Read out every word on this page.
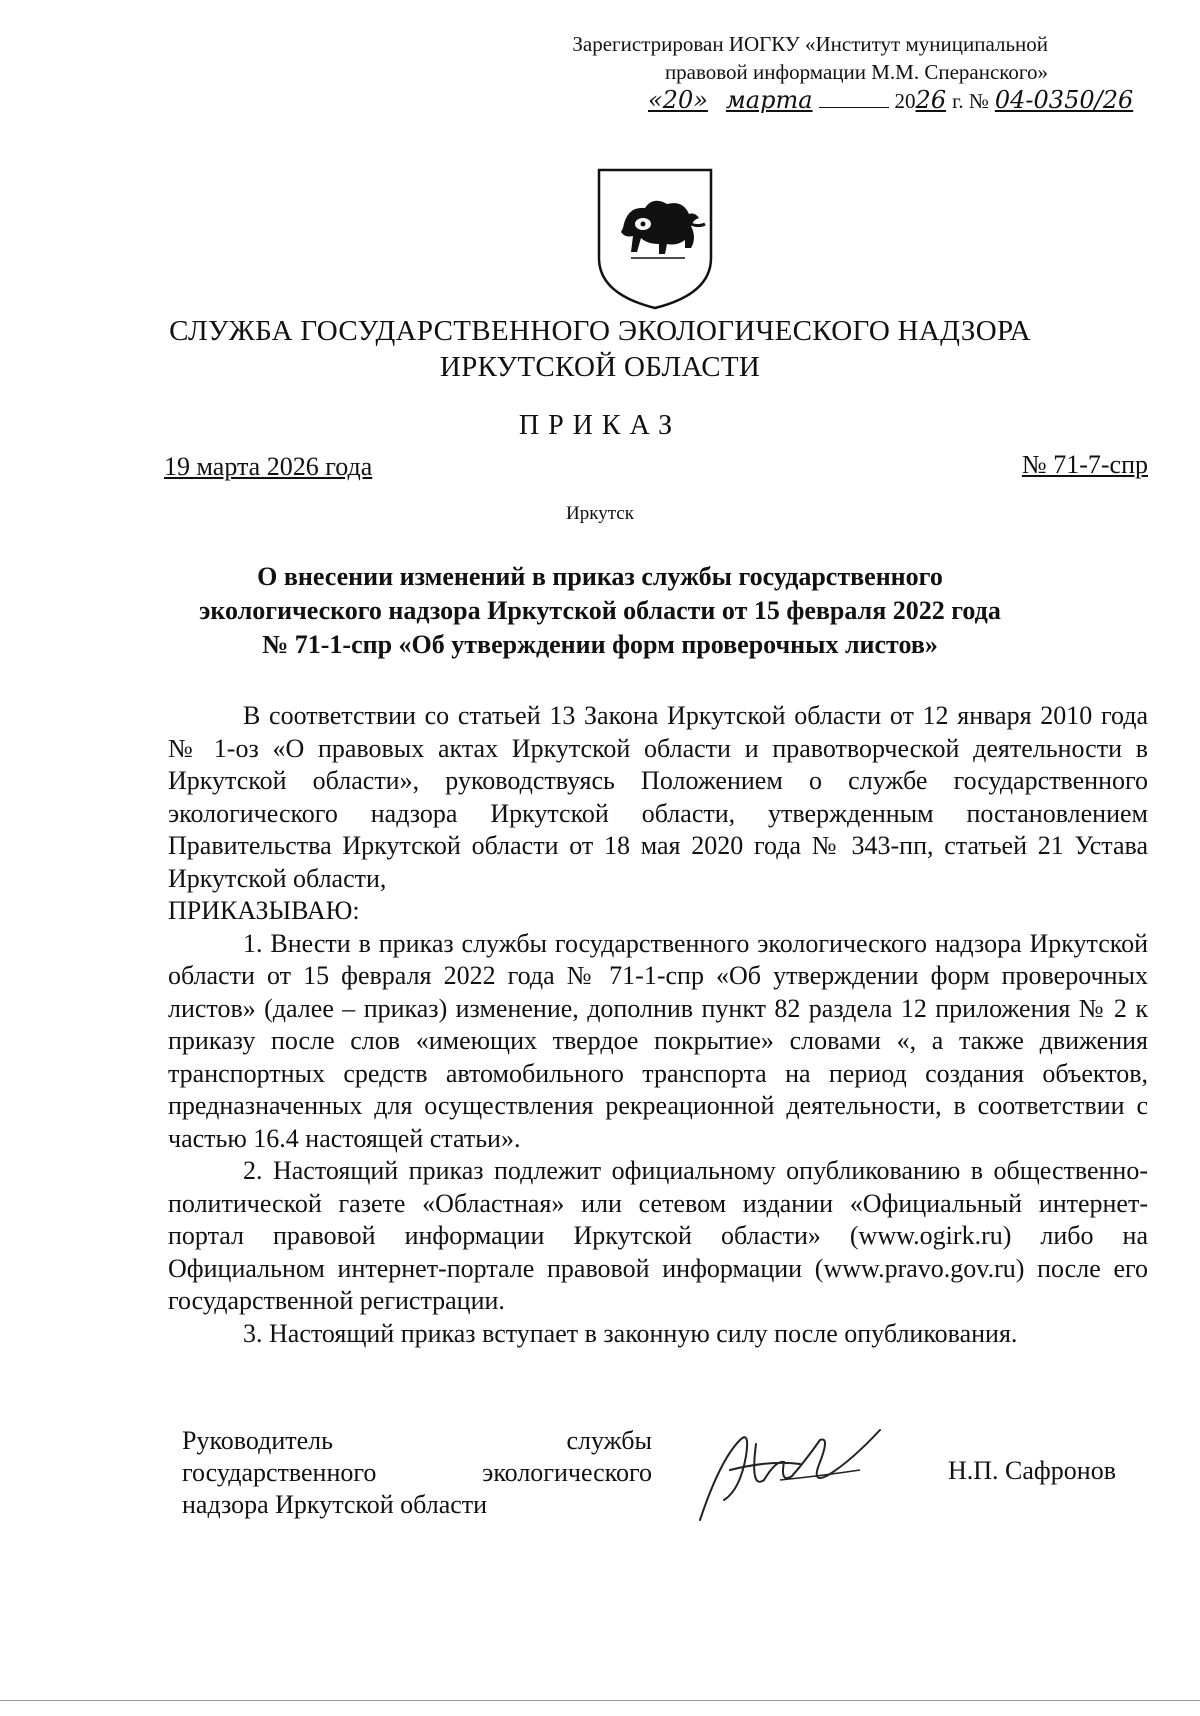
Зарегистрирован ИОГКУ «Институт муниципальной
правовой информации М.М. Сперанского»
«20» марта	2026 г. № 04-0350/26
СЛУЖБА ГОСУДАРСТВЕННОГО ЭКОЛОГИЧЕСКОГО НАДЗОРА
ИРКУТСКОЙ ОБЛАСТИ
ПРИКАЗ
19 марта 2026 года	№ 71-7-спр
Иркутск
О внесении изменений в приказ службы государственного
экологического надзора Иркутской области от 15 февраля 2022 года
№ 71-1-спр «Об утверждении форм проверочных листов»

В соответствии со статьей 13 Закона Иркутской области от 12 января 2010 года № 1-оз «О правовых актах Иркутской области и правотворческой деятельности в Иркутской области», руководствуясь Положением о службе государственного экологического надзора Иркутской области, утвержденным постановлением Правительства Иркутской области от 18 мая 2020 года № 343-пп, статьей 21 Устава Иркутской области,

ПРИКАЗЫВАЮ:

1. Внести в приказ службы государственного экологического надзора Иркутской области от 15 февраля 2022 года № 71-1-спр «Об утверждении форм проверочных листов» (далее – приказ) изменение, дополнив пункт 82 раздела 12 приложения № 2 к приказу после слов «имеющих твердое покрытие» словами «, а также движения транспортных средств автомобильного транспорта на период создания объектов, предназначенных для осуществления рекреационной деятельности, в соответствии с частью 16.4 настоящей статьи».

2. Настоящий приказ подлежит официальному опубликованию в общественно-политической газете «Областная» или сетевом издании «Официальный интернет-портал правовой информации Иркутской области» (www.ogirk.ru) либо на Официальном интернет-портале правовой информации (www.pravo.gov.ru) после его государственной регистрации.

3. Настоящий приказ вступает в законную силу после опубликования.

Руководитель службы
государственного экологического
надзора Иркутской области
Н.П. Сафронов
